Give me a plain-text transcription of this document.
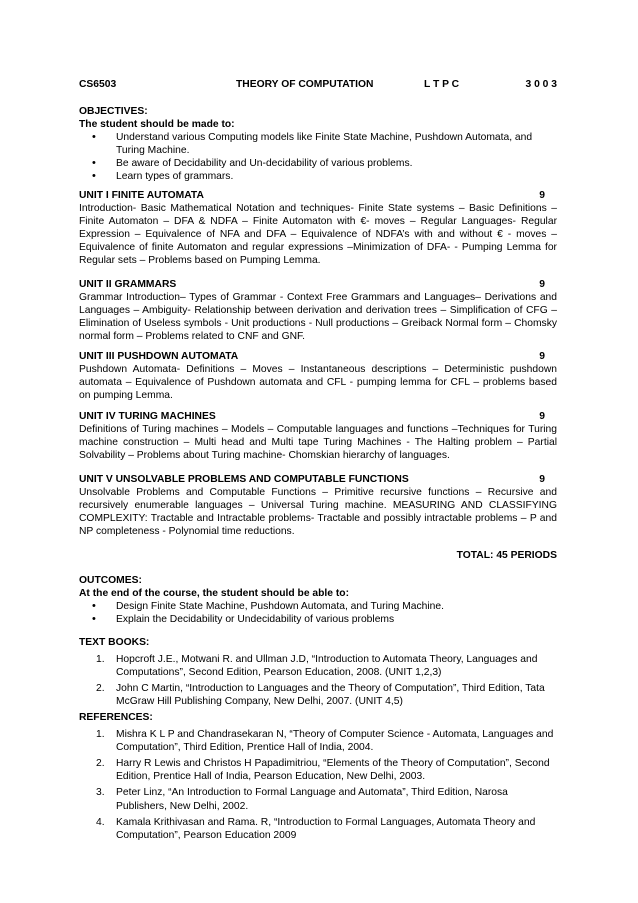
CS6503	THEORY OF COMPUTATION	L T P C	3 0 0 3
OBJECTIVES:
The student should be made to:
• Understand various Computing models like Finite State Machine, Pushdown Automata, and Turing Machine.
• Be aware of Decidability and Un-decidability of various problems.
• Learn types of grammars.
UNIT I FINITE AUTOMATA	9
Introduction- Basic Mathematical Notation and techniques- Finite State systems – Basic Definitions – Finite Automaton – DFA & NDFA – Finite Automaton with €- moves – Regular Languages- Regular Expression – Equivalence of NFA and DFA – Equivalence of NDFA’s with and without € - moves – Equivalence of finite Automaton and regular expressions –Minimization of DFA- - Pumping Lemma for Regular sets – Problems based on Pumping Lemma.
UNIT II GRAMMARS	9
Grammar Introduction– Types of Grammar - Context Free Grammars and Languages– Derivations and Languages – Ambiguity- Relationship between derivation and derivation trees – Simplification of CFG – Elimination of Useless symbols - Unit productions - Null productions – Greiback Normal form – Chomsky normal form – Problems related to CNF and GNF.
UNIT III PUSHDOWN AUTOMATA	9
Pushdown Automata- Definitions – Moves – Instantaneous descriptions – Deterministic pushdown automata – Equivalence of Pushdown automata and CFL - pumping lemma for CFL – problems based on pumping Lemma.
UNIT IV TURING MACHINES	9
Definitions of Turing machines – Models – Computable languages and functions –Techniques for Turing machine construction – Multi head and Multi tape Turing Machines - The Halting problem – Partial Solvability – Problems about Turing machine- Chomskian hierarchy of languages.
UNIT V UNSOLVABLE PROBLEMS AND COMPUTABLE FUNCTIONS	9
Unsolvable Problems and Computable Functions – Primitive recursive functions – Recursive and recursively enumerable languages – Universal Turing machine. MEASURING AND CLASSIFYING COMPLEXITY: Tractable and Intractable problems- Tractable and possibly intractable problems – P and NP completeness - Polynomial time reductions.
TOTAL: 45 PERIODS
OUTCOMES:
At the end of the course, the student should be able to:
• Design Finite State Machine, Pushdown Automata, and Turing Machine.
• Explain the Decidability or Undecidability of various problems
TEXT BOOKS:
1. Hopcroft J.E., Motwani R. and Ullman J.D, “Introduction to Automata Theory, Languages and Computations”, Second Edition, Pearson Education, 2008. (UNIT 1,2,3)
2. John C Martin, “Introduction to Languages and the Theory of Computation”, Third Edition, Tata McGraw Hill Publishing Company, New Delhi, 2007. (UNIT 4,5)
REFERENCES:
1. Mishra K L P and Chandrasekaran N, “Theory of Computer Science - Automata, Languages and Computation”, Third Edition, Prentice Hall of India, 2004.
2. Harry R Lewis and Christos H Papadimitriou, “Elements of the Theory of Computation”, Second Edition, Prentice Hall of India, Pearson Education, New Delhi, 2003.
3. Peter Linz, “An Introduction to Formal Language and Automata”, Third Edition, Narosa Publishers, New Delhi, 2002.
4. Kamala Krithivasan and Rama. R, “Introduction to Formal Languages, Automata Theory and Computation”, Pearson Education 2009
